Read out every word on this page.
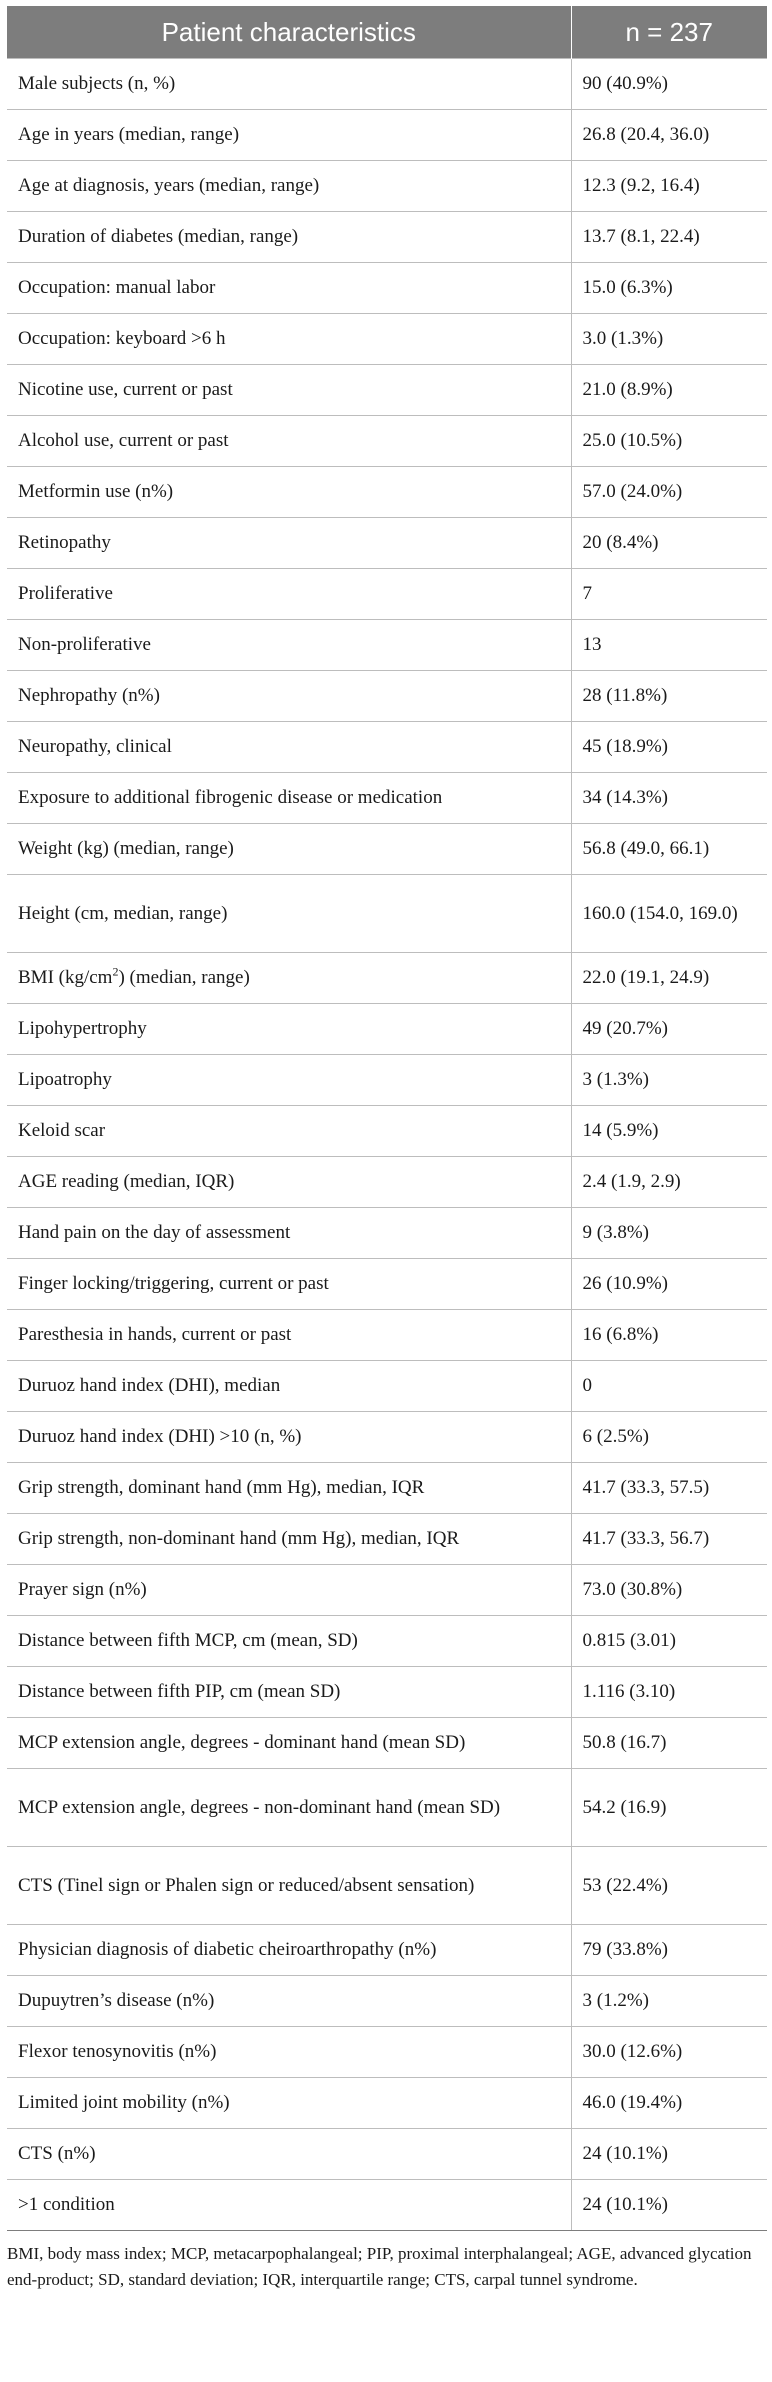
Patient characteristics	n = 237
Male subjects (n, %)	90 (40.9%)
Age in years (median, range)	26.8 (20.4, 36.0)
Age at diagnosis, years (median, range)	12.3 (9.2, 16.4)
Duration of diabetes (median, range)	13.7 (8.1, 22.4)
Occupation: manual labor	15.0 (6.3%)
Occupation: keyboard >6 h	3.0 (1.3%)
Nicotine use, current or past	21.0 (8.9%)
Alcohol use, current or past	25.0 (10.5%)
Metformin use (n%)	57.0 (24.0%)
Retinopathy	20 (8.4%)
Proliferative	7
Non-proliferative	13
Nephropathy (n%)	28 (11.8%)
Neuropathy, clinical	45 (18.9%)
Exposure to additional fibrogenic disease or medication	34 (14.3%)
Weight (kg) (median, range)	56.8 (49.0, 66.1)
Height (cm, median, range)	160.0 (154.0, 169.0)
BMI $(kg/cm^2)$ (median, range)	22.0 (19.1, 24.9)
Lipohypertrophy	49 (20.7%)
Lipoatrophy	3 (1.3%)
Keloid scar	14 (5.9%)
AGE reading (median, IQR)	2.4 (1.9, 2.9)
Hand pain on the day of assessment	9 (3.8%)
Finger locking/triggering, current or past	26 (10.9%)
Paresthesia in hands, current or past	16 (6.8%)
Duruoz hand index (DHI), median	0
Duruoz hand index (DHI) >10 (n, %)	6 (2.5%)
Grip strength, dominant hand (mm Hg), median, IQR	41.7 (33.3, 57.5)
Grip strength, non-dominant hand (mm Hg), median, IQR	41.7 (33.3, 56.7)
Prayer sign (n%)	73.0 (30.8%)
Distance between fifth MCP, cm (mean, SD)	0.815 (3.01)
Distance between fifth PIP, cm (mean SD)	1.116 (3.10)
MCP extension angle, degrees - dominant hand (mean SD)	50.8 (16.7)
MCP extension angle, degrees - non-dominant hand (mean SD)	54.2 (16.9)
CTS (Tinel sign or Phalen sign or reduced/absent sensation)	53 (22.4%)
Physician diagnosis of diabetic cheiroarthropathy (n%)	79 (33.8%)
Dupuytren’s disease (n%)	3 (1.2%)
Flexor tenosynovitis (n%)	30.0 (12.6%)
Limited joint mobility (n%)	46.0 (19.4%)
CTS (n%)	24 (10.1%)
>1 condition	24 (10.1%)
BMI, body mass index; MCP, metacarpophalangeal; PIP, proximal interphalangeal; AGE, advanced glycation end-product; SD, standard deviation; IQR, interquartile range; CTS, carpal tunnel syndrome.
